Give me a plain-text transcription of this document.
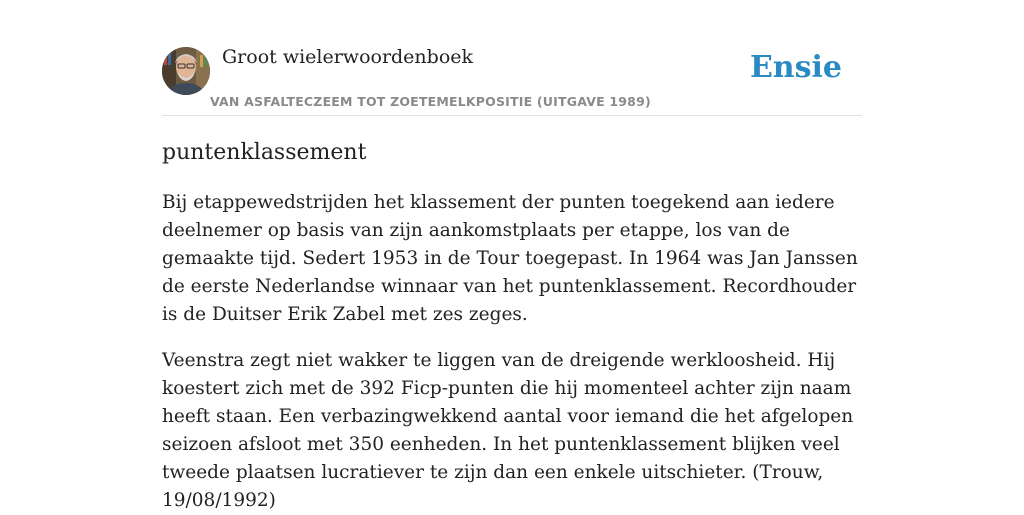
Groot wielerwoordenboek
VAN ASFALTECZEEM TOT ZOETEMELKPOSITIE (UITGAVE 1989)
Ensie
puntenklassement

Bij etappewedstrijden het klassement der punten toegekend aan iedere deelnemer op basis van zijn aankomstplaats per etappe, los van de gemaakte tijd. Sedert 1953 in de Tour toegepast. In 1964 was Jan Janssen de eerste Nederlandse winnaar van het puntenklassement. Recordhouder is de Duitser Erik Zabel met zes zeges.

Veenstra zegt niet wakker te liggen van de dreigende werkloosheid. Hij koestert zich met de 392 Ficp-punten die hij momenteel achter zijn naam heeft staan. Een verbazingwekkend aantal voor iemand die het afgelopen seizoen afsloot met 350 eenheden. In het puntenklassement blijken veel tweede plaatsen lucratiever te zijn dan een enkele uitschieter. (Trouw, 19/08/1992)
